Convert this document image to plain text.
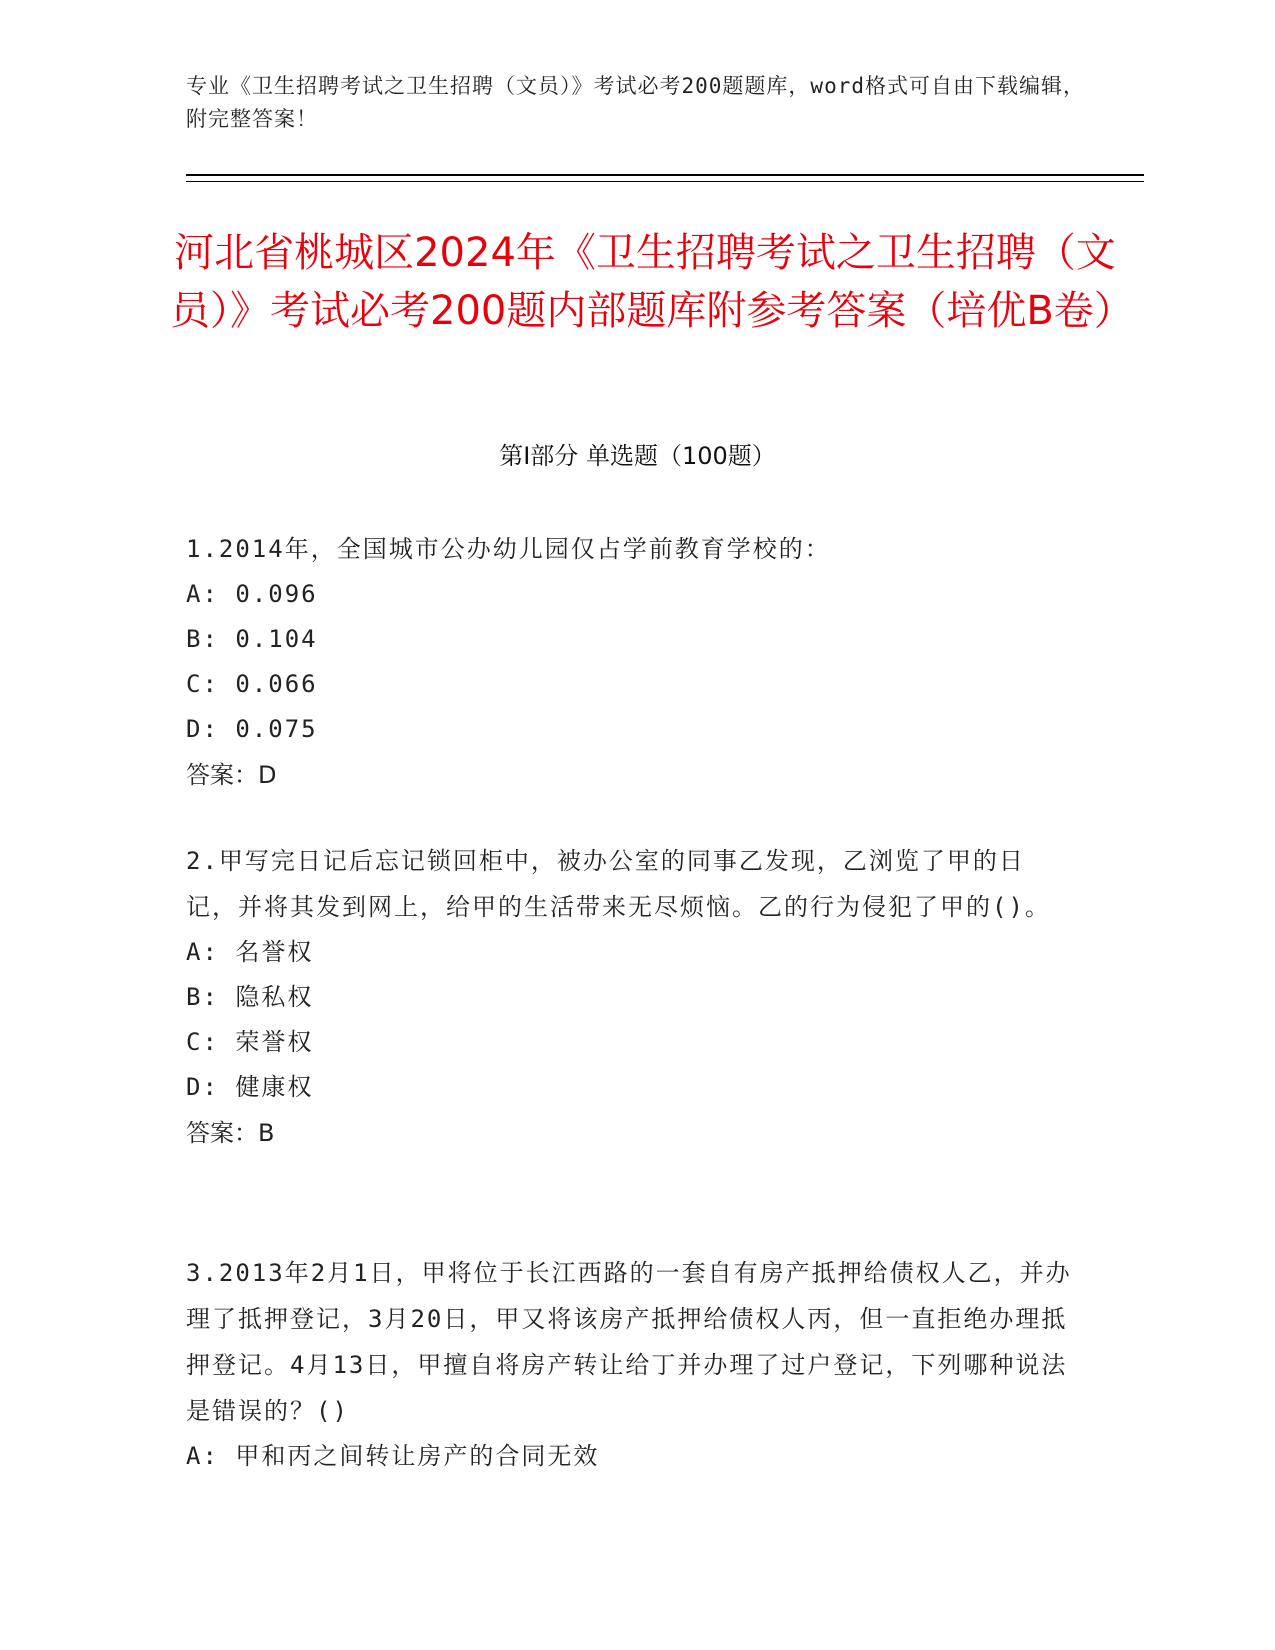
专业《卫生招聘考试之卫生招聘（文员）》考试必考200题题库，word格式可自由下载编辑，附完整答案！
河北省桃城区2024年《卫生招聘考试之卫生招聘（文员）》考试必考200题内部题库附参考答案（培优B卷）
第Ⅰ部分 单选题（100题）
1.2014年，全国城市公办幼儿园仅占学前教育学校的：
A: 0.096
B: 0.104
C: 0.066
D: 0.075
答案：D
2.甲写完日记后忘记锁回柜中，被办公室的同事乙发现，乙浏览了甲的日记，并将其发到网上，给甲的生活带来无尽烦恼。乙的行为侵犯了甲的()。
A: 名誉权
B: 隐私权
C: 荣誉权
D: 健康权
答案：B
3.2013年2月1日，甲将位于长江西路的一套自有房产抵押给债权人乙，并办理了抵押登记，3月20日，甲又将该房产抵押给债权人丙，但一直拒绝办理抵押登记。4月13日，甲擅自将房产转让给丁并办理了过户登记，下列哪种说法是错误的？()
A: 甲和丙之间转让房产的合同无效
